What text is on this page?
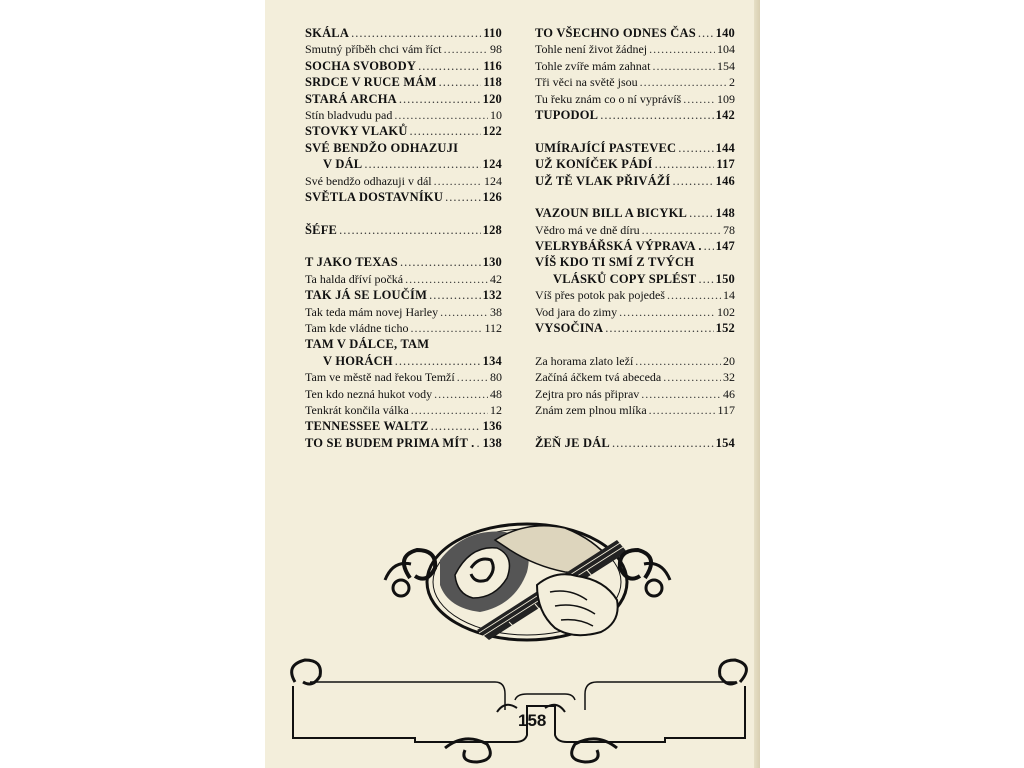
SKÁLA .....	110
Smutný příběh chci vám říct .....	98
SOCHA SVOBODY .....	116
SRDCE V RUCE MÁM .....	118
STARÁ ARCHA .....	120
Stín bladvudu pad .....	10
STOVKY VLAKŮ .....	122
SVÉ BENDŽO ODHAZUJI
V DÁL .....	124
Své bendžo odhazuji v dál .....	124
SVĚTLA DOSTAVNÍKU .....	126
ŠÉFE .....	128
T JAKO TEXAS .....	130
Ta halda dříví počká .....	42
TAK JÁ SE LOUČÍM .....	132
Tak teda mám novej Harley .....	38
Tam kde vládne ticho .....	112
TAM V DÁLCE, TAM
V HORÁCH .....	134
Tam ve městě nad řekou Temží .....	80
Ten kdo nezná hukot vody .....	48
Tenkrát končila válka .....	12
TENNESSEE WALTZ .....	136
TO SE BUDEM PRIMA MÍT . ..... 138
TO VŠECHNO ODNES ČAS ..... 140
Tohle není život žádnej .....	104
Tohle zvíře mám zahnat .....	154
Tři věci na světě jsou .....	2
Tu řeku znám co o ní vyprávíš .....	109
TUPODOL .....	142
UMÍRAJÍCÍ PASTEVEC .....	144
UŽ KONÍČEK PÁDÍ .....	117
UŽ TĚ VLAK PŘIVÁŽÍ .....	146
VAZOUN BILL A BICYKL ..... 148
Vědro má ve dně díru .....	78
VELRYBÁŘSKÁ VÝPRAVA . ..... 147
VÍŠ KDO TI SMÍ Z TVÝCH
VLÁSKŮ COPY SPLÉST ..... 150
Víš přes potok pak pojedeš .....	14
Vod jara do zimy .....	102
VYSOČINA .....	152
Za horama zlato leží .....	20
Začíná áčkem tvá abeceda .....	32
Zejtra pro nás připrav .....	46
Znám zem plnou mlíka .....	117
ŽEŇ JE DÁL .....	154
158
